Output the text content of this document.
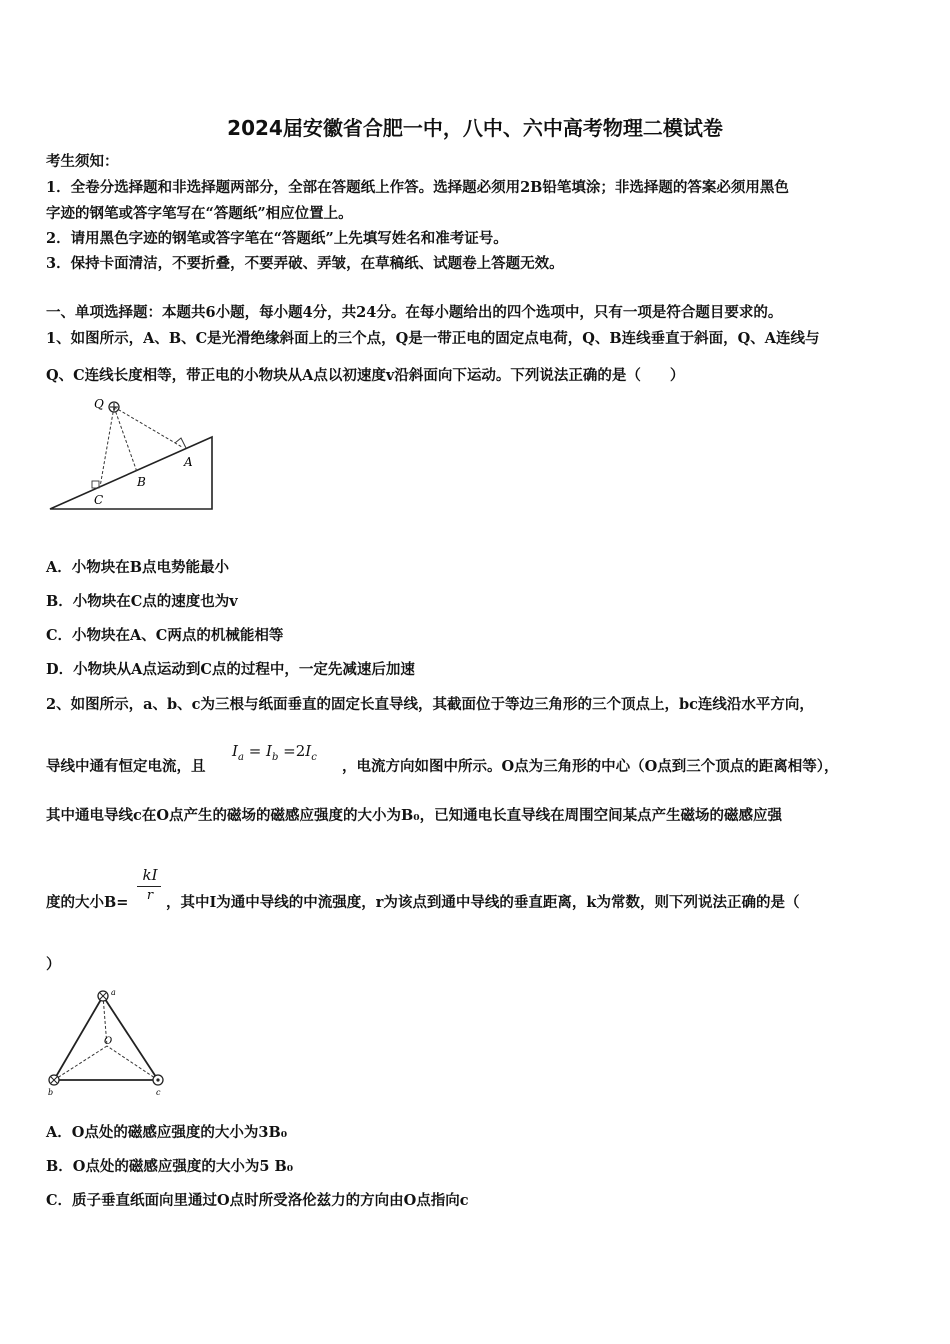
2024届安徽省合肥一中，八中、六中高考物理二模试卷
考生须知：
1．全卷分选择题和非选择题两部分，全部在答题纸上作答。选择题必须用2B铅笔填涂；非选择题的答案必须用黑色
字迹的钢笔或答字笔写在“答题纸”相应位置上。
2．请用黑色字迹的钢笔或答字笔在“答题纸”上先填写姓名和准考证号。
3．保持卡面清洁，不要折叠，不要弄破、弄皱，在草稿纸、试题卷上答题无效。
一、单项选择题：本题共6小题，每小题4分，共24分。在每小题给出的四个选项中，只有一项是符合题目要求的。
1、如图所示，A、B、C是光滑绝缘斜面上的三个点，Q是一带正电的固定点电荷，Q、B连线垂直于斜面，Q、A连线与
Q、C连线长度相等，带正电的小物块从A点以初速度v沿斜面向下运动。下列说法正确的是（　　）
Q
A
B
C
A．小物块在B点电势能最小
B．小物块在C点的速度也为v
C．小物块在A、C两点的机械能相等
D．小物块从A点运动到C点的过程中，一定先减速后加速
2、如图所示，a、b、c为三根与纸面垂直的固定长直导线，其截面位于等边三角形的三个顶点上，bc连线沿水平方向，
导线中通有恒定电流，且
$I_a = I_b =2I_c$
，电流方向如图中所示。O点为三角形的中心（O点到三个顶点的距离相等），
其中通电导线c在O点产生的磁场的磁感应强度的大小为B₀，已知通电长直导线在周围空间某点产生磁场的磁感应强
kI
r
度的大小B=	，其中I为通中导线的中流强度，r为该点到通中导线的垂直距离，k为常数，则下列说法正确的是（
）
a
O
b	c
A．O点处的磁感应强度的大小为3B₀
B．O点处的磁感应强度的大小为5 B₀
C．质子垂直纸面向里通过O点时所受洛伦兹力的方向由O点指向c
